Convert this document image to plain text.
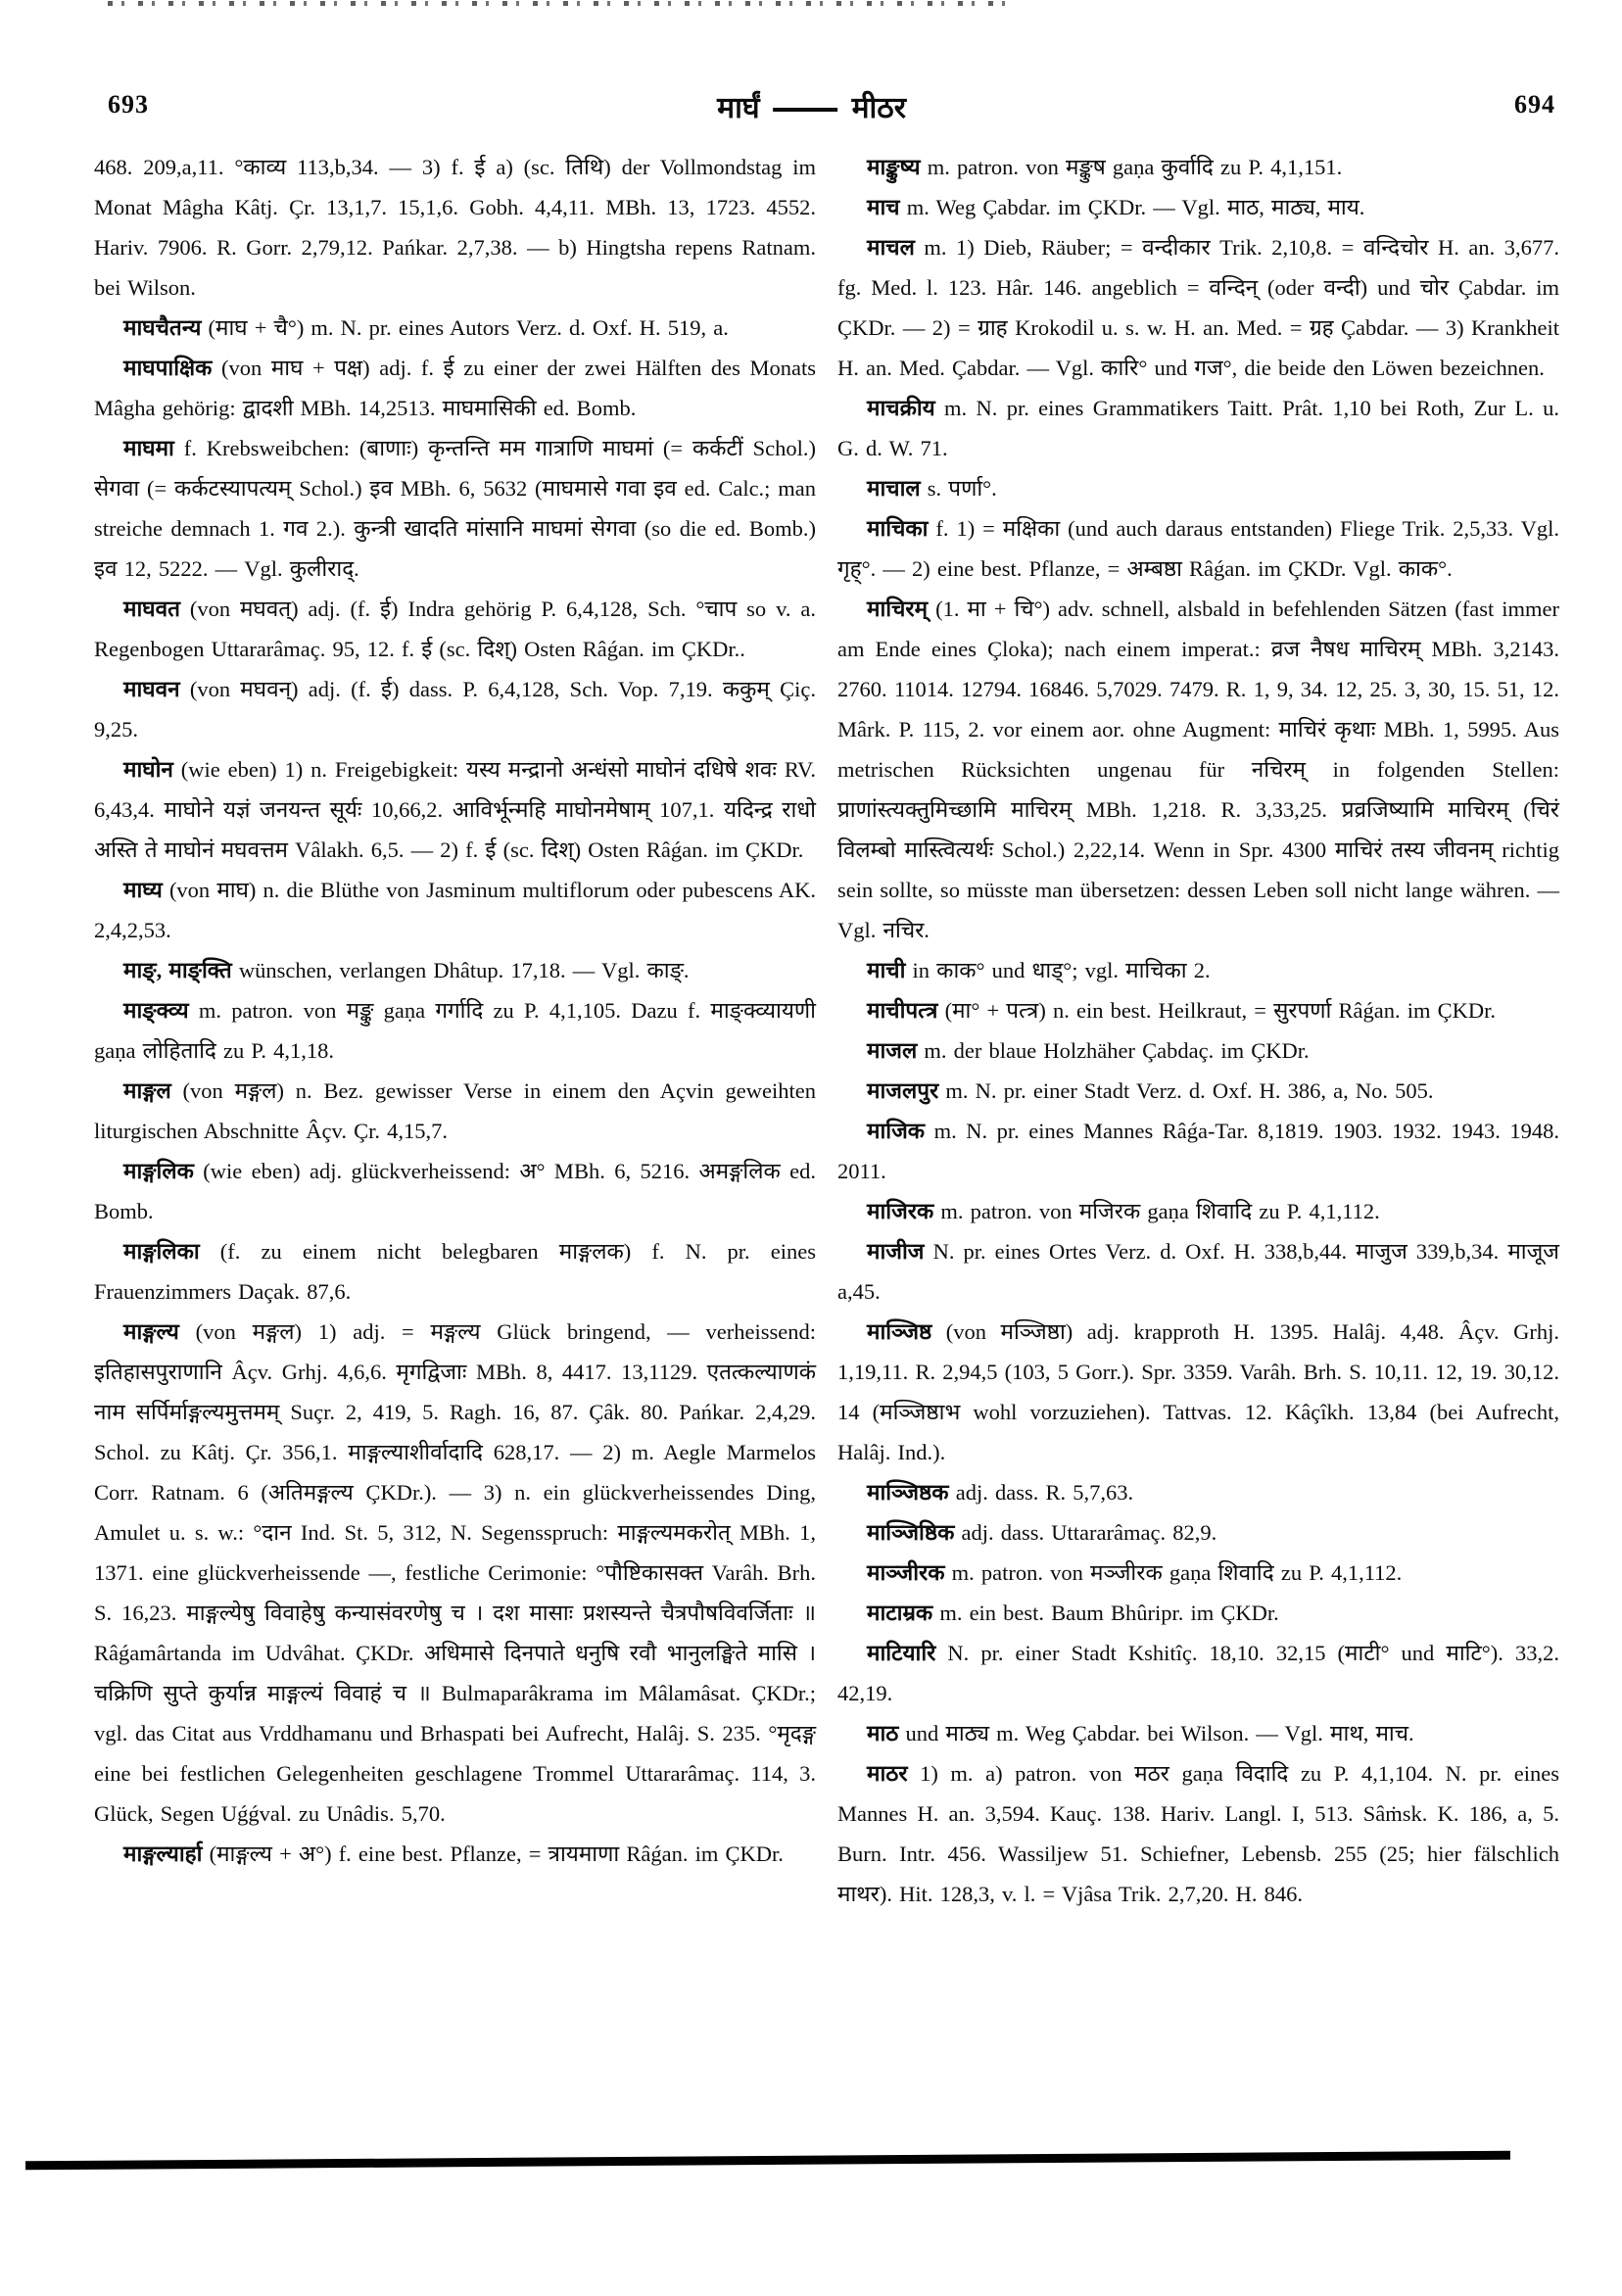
693	मार्घं	मीठर	694

468. 209,a,11. °काव्य 113,b,34. — 3) f. ई a) (sc. तिथि) der Vollmondstag im Monat Mâgha Kâtj. Çr. 13,1,7. 15,1,6. Gobh. 4,4,11. MBh. 13, 1723. 4552. Hariv. 7906. R. Gorr. 2,79,12. Pańkar. 2,7,38. — b) Hingtsha repens Ratnam. bei Wilson.

माघचैतन्य (माघ + चै°) m. N. pr. eines Autors Verz. d. Oxf. H. 519, a.

माघपाक्षिक (von माघ + पक्ष) adj. f. ई zu einer der zwei Hälften des Monats Mâgha gehörig: द्वादशी MBh. 14,2513. माघमासिकी ed. Bomb.

माघमा f. Krebsweibchen: (बाणाः) कृन्तन्ति मम गात्राणि माघमां (= कर्कटीं Schol.) सेगवा (= कर्कटस्यापत्यम् Schol.) इव MBh. 6, 5632 (माघमासे गवा इव ed. Calc.; man streiche demnach 1. गव 2.). कुन्त्री खादति मांसानि माघमां सेगवा (so die ed. Bomb.) इव 12, 5222. — Vgl. कुलीराद्.

माघवत (von मघवत्) adj. (f. ई) Indra gehörig P. 6,4,128, Sch. °चाप so v. a. Regenbogen Uttararâmaç. 95, 12. f. ई (sc. दिश्) Osten Râǵan. im ÇKDr..

माघवन (von मघवन्) adj. (f. ई) dass. P. 6,4,128, Sch. Vop. 7,19. ककुम् Çiç. 9,25.

माघोन (wie eben) 1) n. Freigebigkeit: यस्य मन्द्रानो अन्धंसो माघोनं दधिषे शवः RV. 6,43,4. माघोने यज्ञं जनयन्त सूर्यः 10,66,2. आविर्भून्महि माघोनमेषाम् 107,1. यदिन्द्र राधो अस्ति ते माघोनं मघवत्तम Vâlakh. 6,5. — 2) f. ई (sc. दिश्) Osten Râǵan. im ÇKDr.

माघ्य (von माघ) n. die Blüthe von Jasminum multiflorum oder pubescens AK. 2,4,2,53.

माङ्, माङ्क्ति wünschen, verlangen Dhâtup. 17,18. — Vgl. काङ्.

माङ्क्व्य m. patron. von मङ्कु gaṇa गर्गादि zu P. 4,1,105. Dazu f. माङ्क्व्यायणी gaṇa लोहितादि zu P. 4,1,18.

माङ्गल (von मङ्गल) n. Bez. gewisser Verse in einem den Açvin geweihten liturgischen Abschnitte Âçv. Çr. 4,15,7.

माङ्गलिक (wie eben) adj. glückverheissend: अ° MBh. 6, 5216. अमङ्गलिक ed. Bomb.

माङ्गलिका (f. zu einem nicht belegbaren माङ्गलक) f. N. pr. eines Frauenzimmers Daçak. 87,6.

माङ्गल्य (von मङ्गल) 1) adj. = मङ्गल्य Glück bringend, — verheissend: इतिहासपुराणानि Âçv. Grhj. 4,6,6. मृगद्विजाः MBh. 8, 4417. 13,1129. एतत्कल्याणकं नाम सर्पिर्माङ्गल्यमुत्तमम् Suçr. 2, 419, 5. Ragh. 16, 87. Çâk. 80. Pańkar. 2,4,29. Schol. zu Kâtj. Çr. 356,1. माङ्गल्याशीर्वादादि 628,17. — 2) m. Aegle Marmelos Corr. Ratnam. 6 (अतिमङ्गल्य ÇKDr.). — 3) n. ein glückverheissendes Ding, Amulet u. s. w.: °दान Ind. St. 5, 312, N. Segensspruch: माङ्गल्यमकरोत् MBh. 1, 1371. eine glückverheissende —, festliche Cerimonie: °पौष्टिकासक्त Varâh. Brh. S. 16,23. माङ्गल्येषु विवाहेषु कन्यासंवरणेषु च । दश मासाः प्रशस्यन्ते चैत्रपौषविवर्जिताः ॥ Râǵamârtanda im Udvâhat. ÇKDr. अधिमासे दिनपाते धनुषि रवौ भानुलङ्घिते मासि । चक्रिणि सुप्ते कुर्यान्न माङ्गल्यं विवाहं च ॥ Bulmaparâkrama im Mâlamâsat. ÇKDr.; vgl. das Citat aus Vrddhamanu und Brhaspati bei Aufrecht, Halâj. S. 235. °मृदङ्ग eine bei festlichen Gelegenheiten geschlagene Trommel Uttararâmaç. 114, 3. Glück, Segen Uǵǵval. zu Unâdis. 5,70.

माङ्गल्यार्हा (माङ्गल्य + अ°) f. eine best. Pflanze, = त्रायमाणा Râǵan. im ÇKDr.

माङ्कुष्य m. patron. von मङ्कुष gaṇa कुर्वादि zu P. 4,1,151.

माच m. Weg Çabdar. im ÇKDr. — Vgl. माठ, माठ्य, माय.

माचल m. 1) Dieb, Räuber; = वन्दीकार Trik. 2,10,8. = वन्दिचोर H. an. 3,677. fg. Med. l. 123. Hâr. 146. angeblich = वन्दिन् (oder वन्दी) und चोर Çabdar. im ÇKDr. — 2) = ग्राह Krokodil u. s. w. H. an. Med. = ग्रह Çabdar. — 3) Krankheit H. an. Med. Çabdar. — Vgl. कारि° und गज°, die beide den Löwen bezeichnen.

माचक्रीय m. N. pr. eines Grammatikers Taitt. Prât. 1,10 bei Roth, Zur L. u. G. d. W. 71.

माचाल s. पर्णा°.

माचिका f. 1) = मक्षिका (und auch daraus entstanden) Fliege Trik. 2,5,33. Vgl. गृह्°. — 2) eine best. Pflanze, = अम्बष्ठा Râǵan. im ÇKDr. Vgl. काक°.

माचिरम् (1. मा + चि°) adv. schnell, alsbald in befehlenden Sätzen (fast immer am Ende eines Çloka); nach einem imperat.: व्रज नैषध माचिरम् MBh. 3,2143. 2760. 11014. 12794. 16846. 5,7029. 7479. R. 1, 9, 34. 12, 25. 3, 30, 15. 51, 12. Mârk. P. 115, 2. vor einem aor. ohne Augment: माचिरं कृथाः MBh. 1, 5995. Aus metrischen Rücksichten ungenau für नचिरम् in folgenden Stellen: प्राणांस्त्यक्तुमिच्छामि माचिरम् MBh. 1,218. R. 3,33,25. प्रव्रजिष्यामि माचिरम् (चिरं विलम्बो मास्त्वित्यर्थः Schol.) 2,22,14. Wenn in Spr. 4300 माचिरं तस्य जीवनम् richtig sein sollte, so müsste man übersetzen: dessen Leben soll nicht lange währen. — Vgl. नचिर.

माची in काक° und धाड्°; vgl. माचिका 2.

माचीपत्त्र (मा° + पत्त्र) n. ein best. Heilkraut, = सुरपर्णा Râǵan. im ÇKDr.

माजल m. der blaue Holzhäher Çabdaç. im ÇKDr.

माजलपुर m. N. pr. einer Stadt Verz. d. Oxf. H. 386, a, No. 505.

माजिक m. N. pr. eines Mannes Râǵa-Tar. 8,1819. 1903. 1932. 1943. 1948. 2011.

माजिरक m. patron. von मजिरक gaṇa शिवादि zu P. 4,1,112.

माजीज N. pr. eines Ortes Verz. d. Oxf. H. 338,b,44. माजुज 339,b,34. माजूज a,45.

माञ्जिष्ठ (von मञ्जिष्ठा) adj. krapproth H. 1395. Halâj. 4,48. Âçv. Grhj. 1,19,11. R. 2,94,5 (103, 5 Gorr.). Spr. 3359. Varâh. Brh. S. 10,11. 12, 19. 30,12. 14 (मञ्जिष्ठाभ wohl vorzuziehen). Tattvas. 12. Kâçîkh. 13,84 (bei Aufrecht, Halâj. Ind.).

माञ्जिष्ठक adj. dass. R. 5,7,63.

माञ्जिष्ठिक adj. dass. Uttararâmaç. 82,9.

माञ्जीरक m. patron. von मञ्जीरक gaṇa शिवादि zu P. 4,1,112.

माटाम्रक m. ein best. Baum Bhûripr. im ÇKDr.

माटियारि N. pr. einer Stadt Kshitîç. 18,10. 32,15 (माटी° und माटि°). 33,2. 42,19.

माठ und माठ्य m. Weg Çabdar. bei Wilson. — Vgl. माथ, माच.

माठर 1) m. a) patron. von मठर gaṇa विदादि zu P. 4,1,104. N. pr. eines Mannes H. an. 3,594. Kauç. 138. Hariv. Langl. I, 513. Sâṁsk. K. 186, a, 5. Burn. Intr. 456. Wassiljew 51. Schiefner, Lebensb. 255 (25; hier fälschlich माथर). Hit. 128,3, v. l. = Vjâsa Trik. 2,7,20. H. 846.
